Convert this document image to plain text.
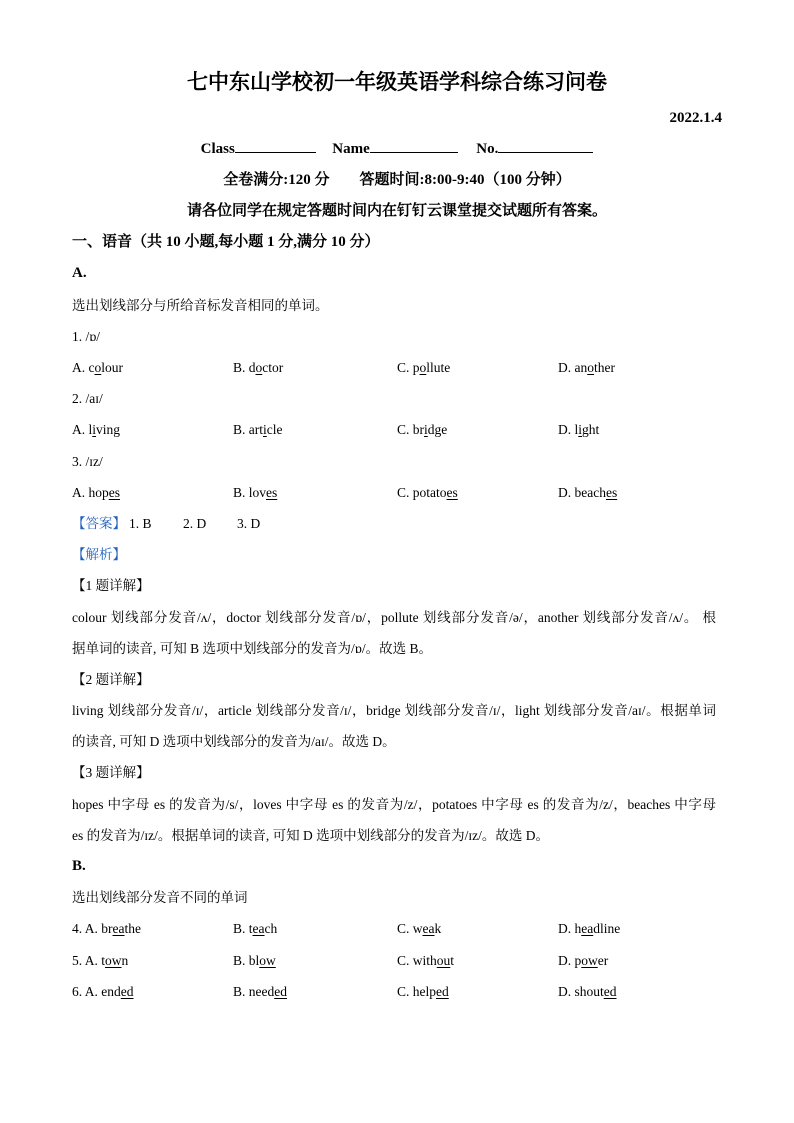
七中东山学校初一年级英语学科综合练习问卷
2022.1.4
Class	Name	No.
全卷满分:120 分 答题时间:8:00-9:40（100 分钟）
请各位同学在规定答题时间内在钉钉云课堂提交试题所有答案。
一、语音（共 10 小题,每小题 1 分,满分 10 分）
A.
选出划线部分与所给音标发音相同的单词。
1. /ɒ/
A. colour	B. doctor	C. pollute	D. another
2. /aɪ/
A. living	B. article	C. bridge	D. light
3. /ɪz/
A. hopes	B. loves	C. potatoes	D. beaches
【答案】 1. B 2. D 3. D
【解析】
【1 题详解】
colour 划线部分发音/ʌ/，doctor 划线部分发音/ɒ/，pollute 划线部分发音/ə/，another 划线部分发音/ʌ/。 根
据单词的读音, 可知 B 选项中划线部分的发音为/ɒ/。故选 B。
【2 题详解】
living 划线部分发音/ɪ/，article 划线部分发音/ɪ/，bridge 划线部分发音/ɪ/，light 划线部分发音/aɪ/。根据单词
的读音, 可知 D 选项中划线部分的发音为/aɪ/。故选 D。
【3 题详解】
hopes 中字母 es 的发音为/s/，loves 中字母 es 的发音为/z/，potatoes 中字母 es 的发音为/z/，beaches 中字母
es 的发音为/ɪz/。根据单词的读音, 可知 D 选项中划线部分的发音为/ɪz/。故选 D。
B.
选出划线部分发音不同的单词
4. A. breathe	B. teach	C. weak	D. headline
5. A. town	B. blow	C. without	D. power
6. A. ended	B. needed	C. helped	D. shouted
